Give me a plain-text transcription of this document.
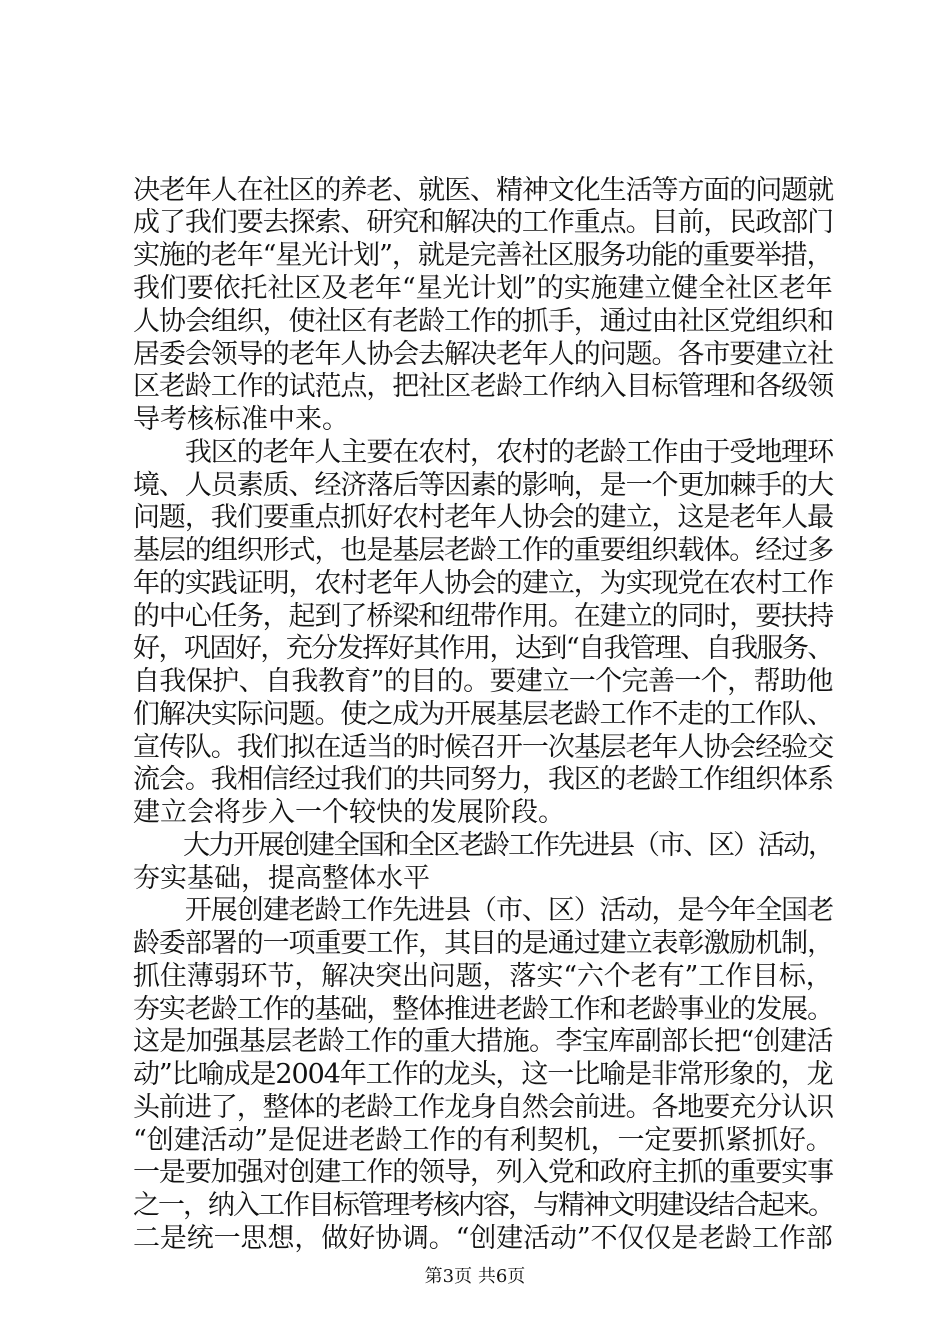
决老年人在社区的养老、就医、精神文化生活等方面的问题就
成了我们要去探索、研究和解决的工作重点。目前，民政部门
实施的老年“星光计划”，就是完善社区服务功能的重要举措，
我们要依托社区及老年“星光计划”的实施建立健全社区老年
人协会组织，使社区有老龄工作的抓手，通过由社区党组织和
居委会领导的老年人协会去解决老年人的问题。各市要建立社
区老龄工作的试范点，把社区老龄工作纳入目标管理和各级领
导考核标准中来。
　　我区的老年人主要在农村，农村的老龄工作由于受地理环
境、人员素质、经济落后等因素的影响，是一个更加棘手的大
问题，我们要重点抓好农村老年人协会的建立，这是老年人最
基层的组织形式，也是基层老龄工作的重要组织载体。经过多
年的实践证明，农村老年人协会的建立，为实现党在农村工作
的中心任务，起到了桥梁和纽带作用。在建立的同时，要扶持
好，巩固好，充分发挥好其作用，达到“自我管理、自我服务、
自我保护、自我教育”的目的。要建立一个完善一个，帮助他
们解决实际问题。使之成为开展基层老龄工作不走的工作队、
宣传队。我们拟在适当的时候召开一次基层老年人协会经验交
流会。我相信经过我们的共同努力，我区的老龄工作组织体系
建立会将步入一个较快的发展阶段。
　　大力开展创建全国和全区老龄工作先进县（市、区）活动，
夯实基础，提高整体水平
　　开展创建老龄工作先进县（市、区）活动，是今年全国老
龄委部署的一项重要工作，其目的是通过建立表彰激励机制，
抓住薄弱环节，解决突出问题，落实“六个老有”工作目标，
夯实老龄工作的基础，整体推进老龄工作和老龄事业的发展。
这是加强基层老龄工作的重大措施。李宝库副部长把“创建活
动”比喻成是2004年工作的龙头，这一比喻是非常形象的，龙
头前进了，整体的老龄工作龙身自然会前进。各地要充分认识
“创建活动”是促进老龄工作的有利契机，一定要抓紧抓好。
一是要加强对创建工作的领导，列入党和政府主抓的重要实事
之一，纳入工作目标管理考核内容，与精神文明建设结合起来。
二是统一思想，做好协调。“创建活动”不仅仅是老龄工作部
第3页 共6页
